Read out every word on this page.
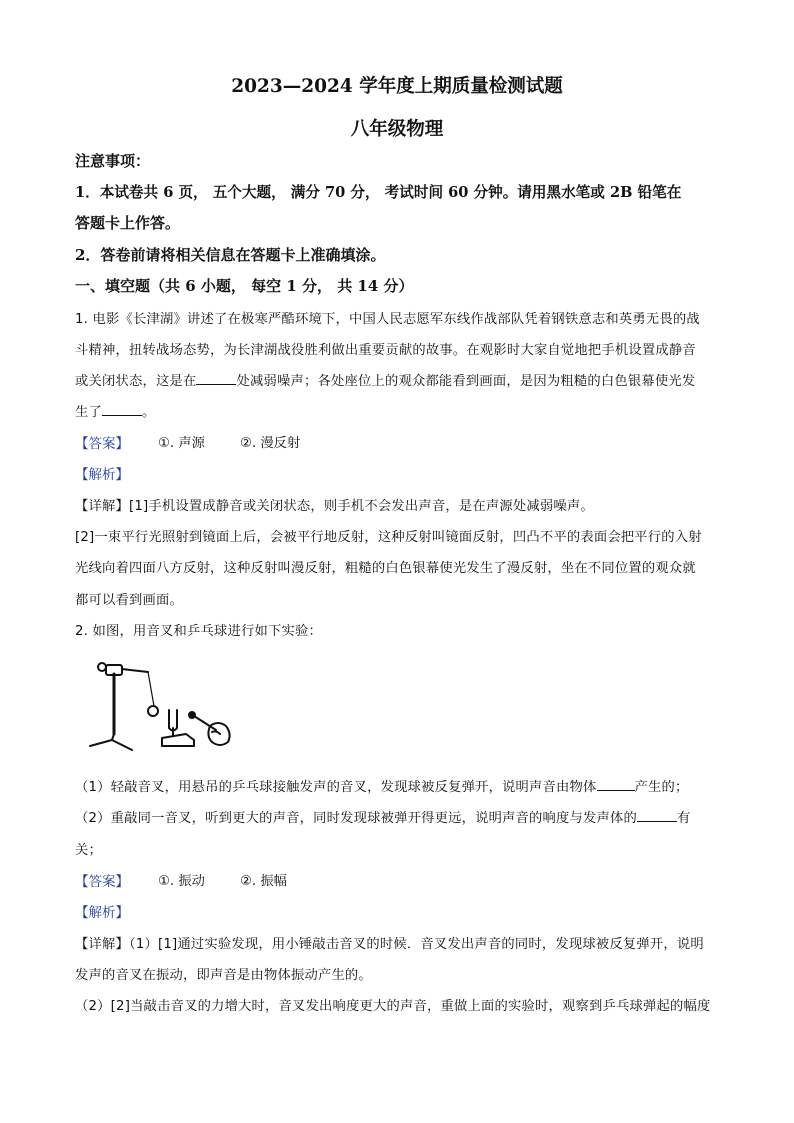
2023—2024 学年度上期质量检测试题
八年级物理
注意事项：
1．本试卷共 6 页， 五个大题， 满分 70 分， 考试时间 60 分钟。请用黑水笔或 2B 铅笔在
答题卡上作答。
2．答卷前请将相关信息在答题卡上准确填涂。
一、填空题（共 6 小题， 每空 1 分， 共 14 分）
1. 电影《长津湖》讲述了在极寒严酷环境下，中国人民志愿军东线作战部队凭着钢铁意志和英勇无畏的战
斗精神，扭转战场态势，为长津湖战役胜利做出重要贡献的故事。在观影时大家自觉地把手机设置成静音
或关闭状态，这是在	处减弱噪声；各处座位上的观众都能看到画面，是因为粗糙的白色银幕使光发
生了	。
【答案】 ①. 声源	②. 漫反射
【解析】
【详解】[1]手机设置成静音或关闭状态，则手机不会发出声音，是在声源处减弱噪声。
[2]一束平行光照射到镜面上后，会被平行地反射，这种反射叫镜面反射，凹凸不平的表面会把平行的入射
光线向着四面八方反射，这种反射叫漫反射，粗糙的白色银幕使光发生了漫反射，坐在不同位置的观众就
都可以看到画面。
2. 如图，用音叉和乒乓球进行如下实验：
（1）轻敲音叉，用悬吊的乒乓球接触发声的音叉，发现球被反复弹开，说明声音由物体	产生的；
（2）重敲同一音叉，听到更大的声音，同时发现球被弹开得更远，说明声音的响度与发声体的	有
关；
【答案】 ①. 振动	②. 振幅
【解析】
【详解】（1）[1]通过实验发现，用小锤敲击音叉的时候．音叉发出声音的同时，发现球被反复弹开，说明
发声的音叉在振动，即声音是由物体振动产生的。
（2）[2]当敲击音叉的力增大时，音叉发出响度更大的声音，重做上面的实验时，观察到乒乓球弹起的幅度
